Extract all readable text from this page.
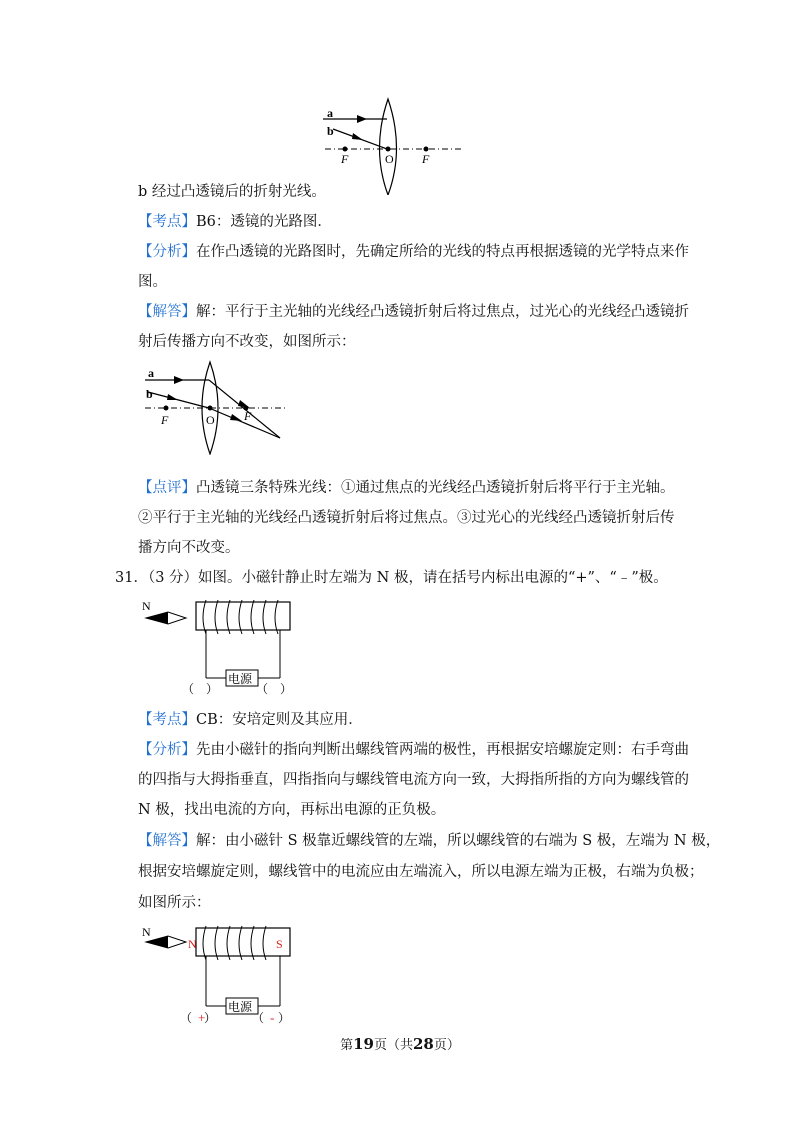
a
b
F	O F
b 经过凸透镜后的折射光线。
【考点】B6：透镜的光路图．
【分析】在作凸透镜的光路图时，先确定所给的光线的特点再根据透镜的光学特点来作
图。
【解答】解：平行于主光轴的光线经凸透镜折射后将过焦点，过光心的光线经凸透镜折
射后传播方向不改变，如图所示：
a
b
F	O F
【点评】凸透镜三条特殊光线：①通过焦点的光线经凸透镜折射后将平行于主光轴。
②平行于主光轴的光线经凸透镜折射后将过焦点。③过光心的光线经凸透镜折射后传
播方向不改变。
31．（3 分）如图。小磁针静止时左端为 N 极，请在括号内标出电源的“+”、“﹣”极。
N
电源
（　）	（　）
【考点】CB：安培定则及其应用．
【分析】先由小磁针的指向判断出螺线管两端的极性，再根据安培螺旋定则：右手弯曲
的四指与大拇指垂直，四指指向与螺线管电流方向一致，大拇指所指的方向为螺线管的
N 极，找出电流的方向，再标出电源的正负极。
【解答】解：由小磁针 S 极靠近螺线管的左端，所以螺线管的右端为 S 极，左端为 N 极，
根据安培螺旋定则，螺线管中的电流应由左端流入，所以电源左端为正极，右端为负极；
如图所示：
N
N	S
电源
（ +
）	（ - ）
第19页（共28页）
